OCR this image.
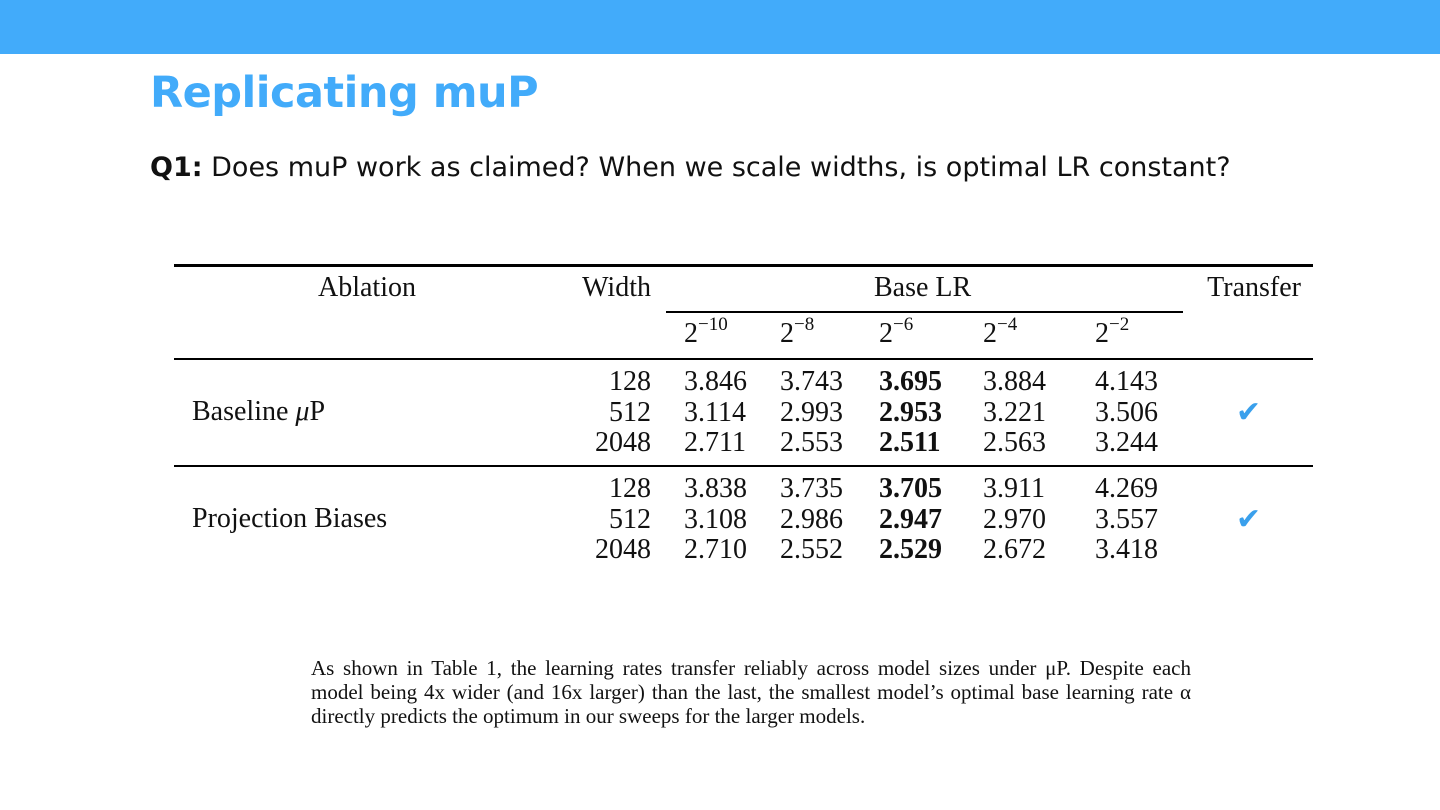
Replicating muP
Q1: Does muP work as claimed? When we scale widths, is optimal LR constant?
Ablation	Width	Base LR	Transfer
$2^{-10}$ $2^{-8}$ $2^{-6}$ $2^{-4}$	$2^{-2}$
Baseline μP	✔
128 3.846 3.743 3.695 3.884 4.143
512 3.114 2.993 2.953 3.221 3.506
2048 2.711 2.553 2.511 2.563 3.244
Projection Biases	✔
128 3.838 3.735 3.705 3.911 4.269
512 3.108 2.986 2.947 2.970 3.557
2048 2.710 2.552 2.529 2.672 3.418
As shown in Table 1, the learning rates transfer reliably across model sizes under μP. Despite each model being 4x wider (and 16x larger) than the last, the smallest model’s optimal base learning rate α directly predicts the optimum in our sweeps for the larger models.
